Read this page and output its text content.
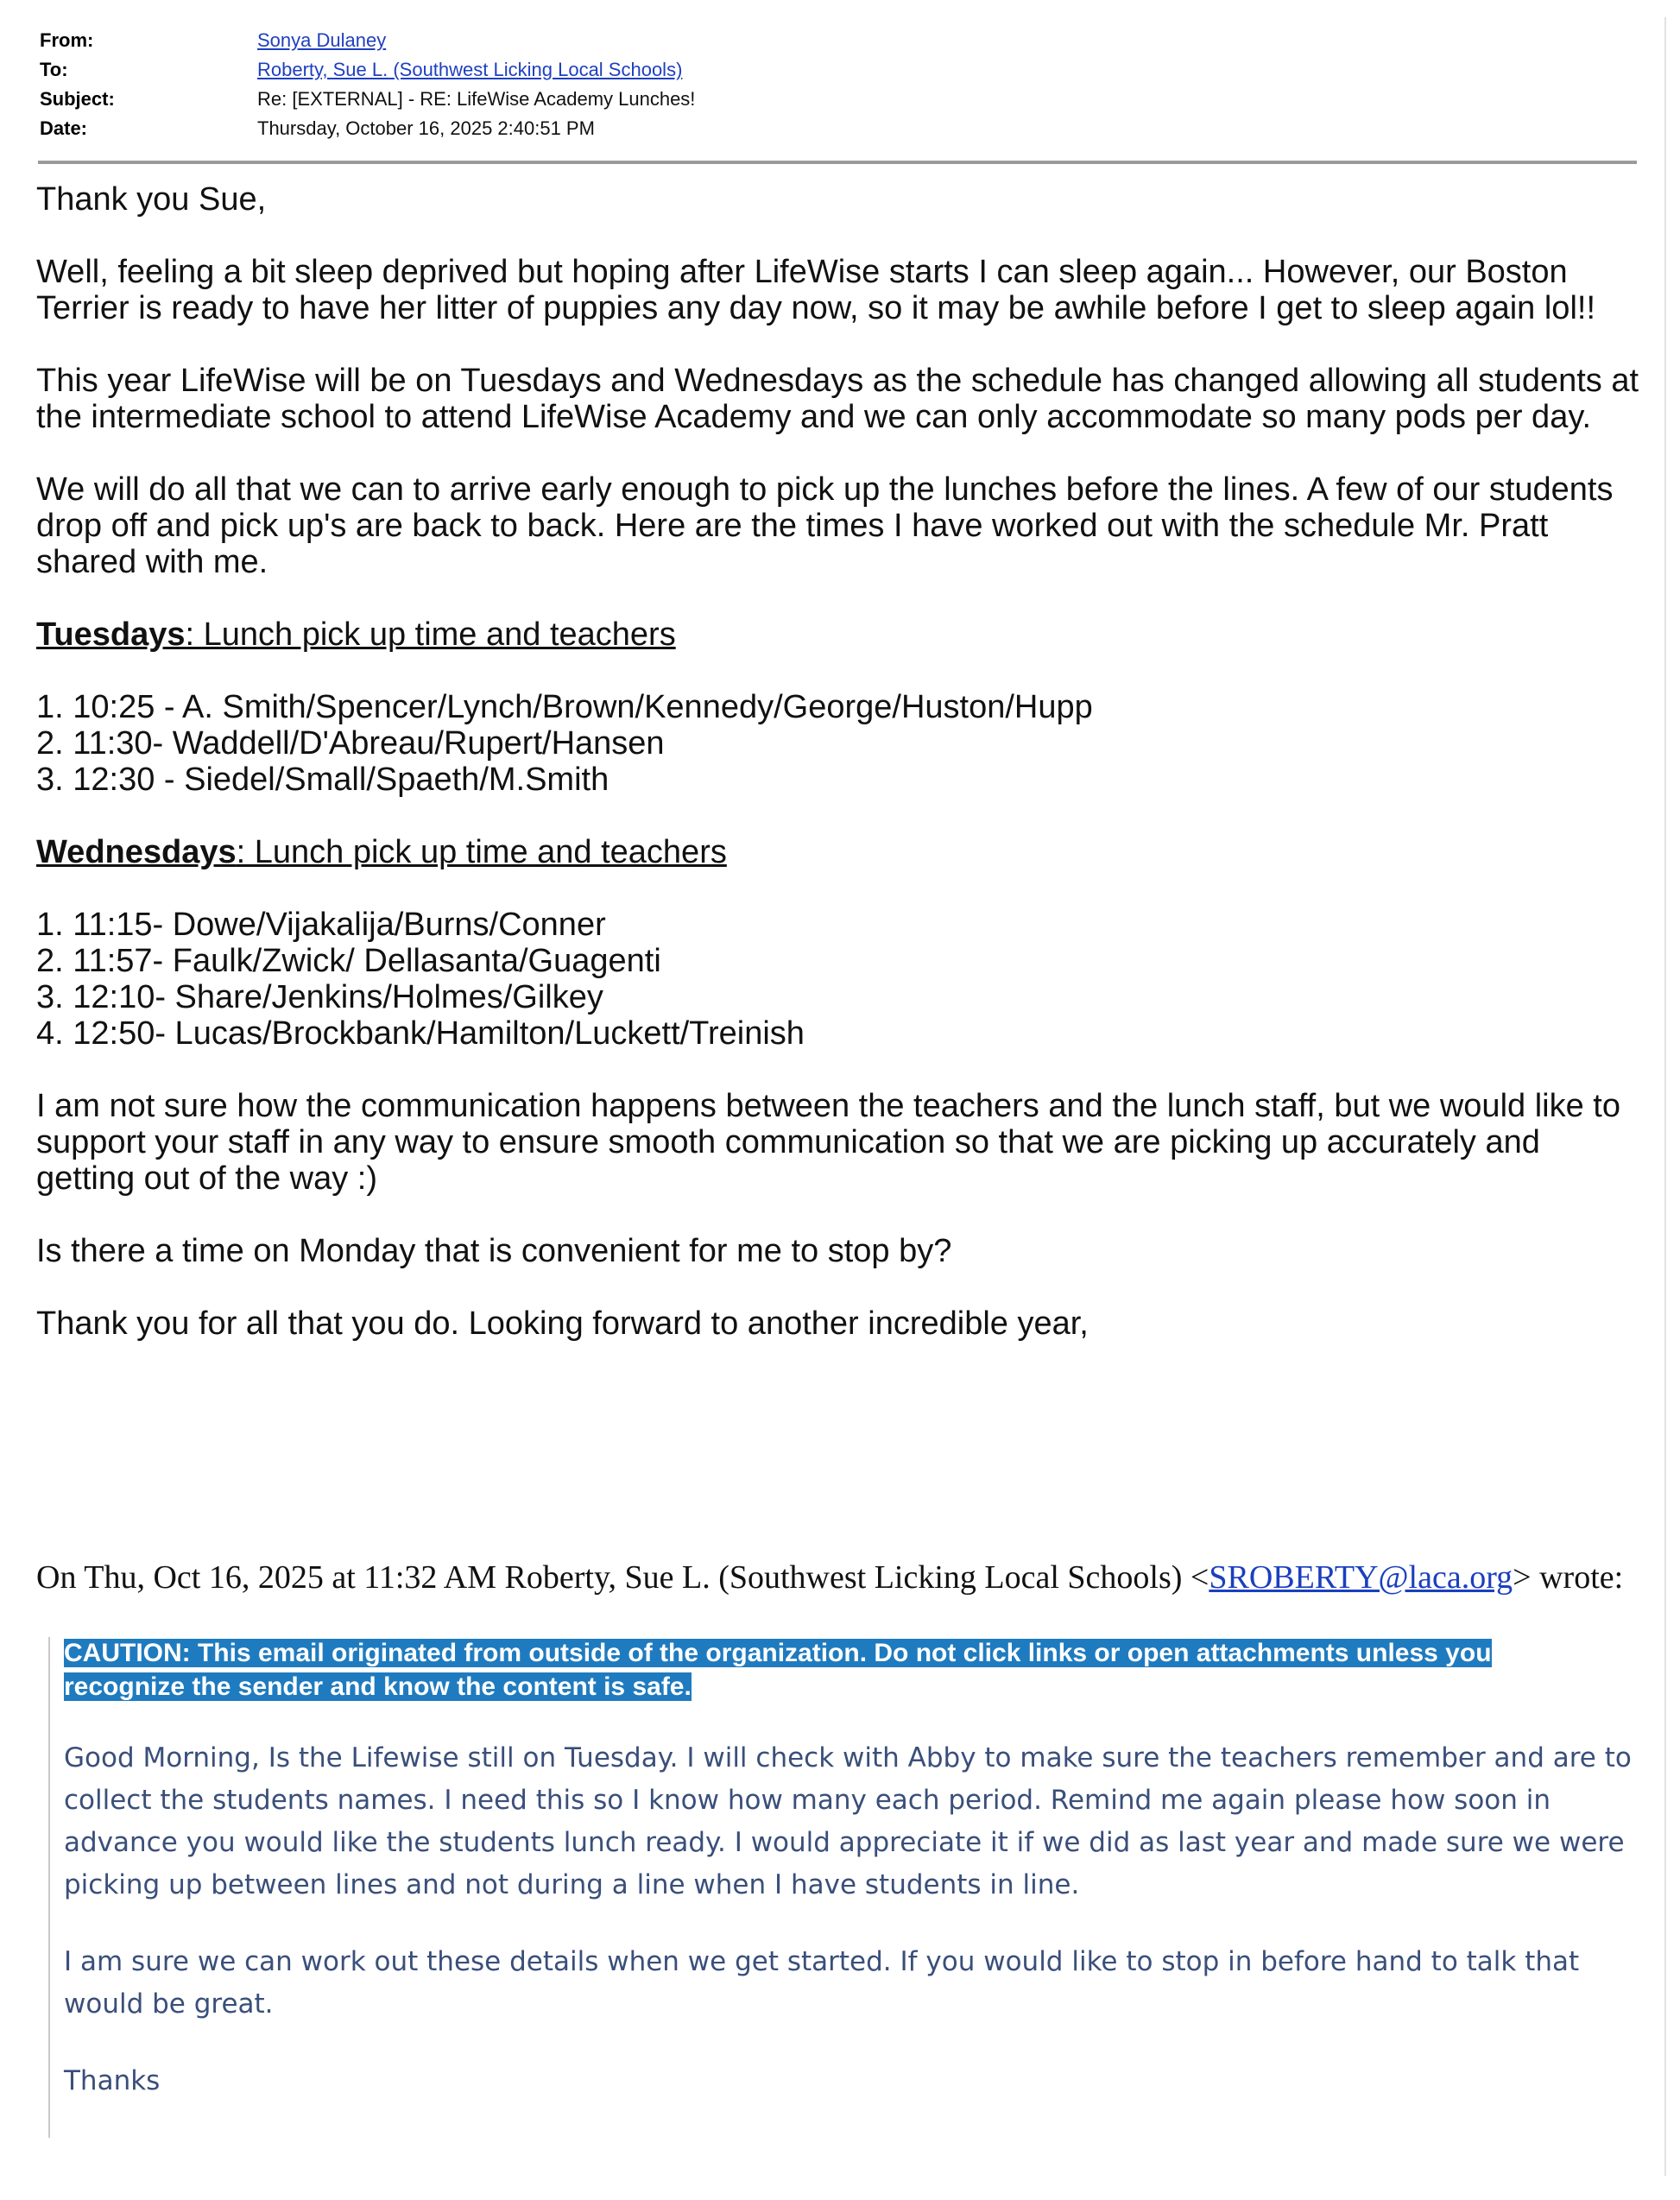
From:	Sonya Dulaney
To:	Roberty, Sue L. (Southwest Licking Local Schools)
Subject:	Re: [EXTERNAL] - RE: LifeWise Academy Lunches!
Date:	Thursday, October 16, 2025 2:40:51 PM

Thank you Sue,

Well, feeling a bit sleep deprived but hoping after LifeWise starts I can sleep again... However, our Boston Terrier is ready to have her litter of puppies any day now, so it may be awhile before I get to sleep again lol!!

This year LifeWise will be on Tuesdays and Wednesdays as the schedule has changed allowing all students at the intermediate school to attend LifeWise Academy and we can only accommodate so many pods per day.

We will do all that we can to arrive early enough to pick up the lunches before the lines. A few of our students drop off and pick up's are back to back. Here are the times I have worked out with the schedule Mr. Pratt shared with me.

Tuesdays: Lunch pick up time and teachers

1. 10:25 - A. Smith/Spencer/Lynch/Brown/Kennedy/George/Huston/Hupp
2. 11:30- Waddell/D'Abreau/Rupert/Hansen
3. 12:30 - Siedel/Small/Spaeth/M.Smith

Wednesdays: Lunch pick up time and teachers

1. 11:15- Dowe/Vijakalija/Burns/Conner
2. 11:57- Faulk/Zwick/ Dellasanta/Guagenti
3. 12:10- Share/Jenkins/Holmes/Gilkey
4. 12:50- Lucas/Brockbank/Hamilton/Luckett/Treinish

I am not sure how the communication happens between the teachers and the lunch staff, but we would like to support your staff in any way to ensure smooth communication so that we are picking up accurately and getting out of the way :)

Is there a time on Monday that is convenient for me to stop by?

Thank you for all that you do. Looking forward to another incredible year,

On Thu, Oct 16, 2025 at 11:32 AM Roberty, Sue L. (Southwest Licking Local Schools) <SROBERTY@laca.org> wrote:
CAUTION: This email originated from outside of the organization. Do not click links or open attachments unless you recognize the sender and know the content is safe.

Good Morning, Is the Lifewise still on Tuesday. I will check with Abby to make sure the teachers remember and are to collect the students names. I need this so I know how many each period. Remind me again please how soon in advance you would like the students lunch ready. I would appreciate it if we did as last year and made sure we were picking up between lines and not during a line when I have students in line.

I am sure we can work out these details when we get started. If you would like to stop in before hand to talk that would be great.

Thanks
